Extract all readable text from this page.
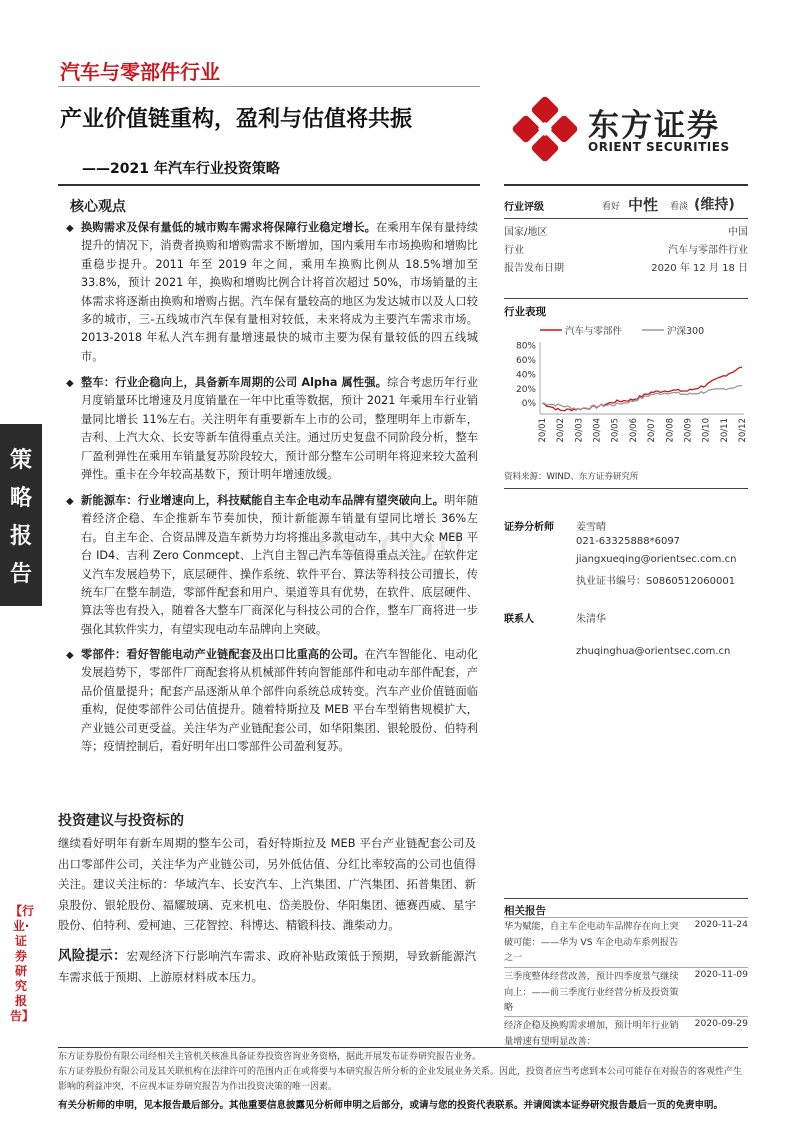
汽车与零部件行业
产业价值链重构，盈利与估值将共振
——2021 年汽车行业投资策略
东方证券
ORIENT SECURITIES
策
略
报
告
【行业·证券研究报告】
58.co
核心观点
◆ 换购需求及保有量低的城市购车需求将保障行业稳定增长。在乘用车保有量持续提升的情况下，消费者换购和增购需求不断增加，国内乘用车市场换购和增购比重稳步提升。2011 年至 2019 年之间，乘用车换购比例从 18.5%增加至 33.8%，预计 2021 年，换购和增购比例合计将首次超过 50%，市场销量的主体需求将逐渐由换购和增购占据。汽车保有量较高的地区为发达城市以及人口较多的城市，三-五线城市汽车保有量相对较低，未来将成为主要汽车需求市场。2013-2018 年私人汽车拥有量增速最快的城市主要为保有量较低的四五线城市。
◆ 整车：行业企稳向上，具备新车周期的公司 Alpha 属性强。综合考虑历年行业月度销量环比增速及月度销量在一年中比重等数据，预计 2021 年乘用车行业销量同比增长 11%左右。关注明年有重要新车上市的公司，整理明年上市新车，吉利、上汽大众、长安等新车值得重点关注。通过历史复盘不同阶段分析，整车厂盈利弹性在乘用车销量复苏阶段较大，预计部分整车公司明年将迎来较大盈利弹性。重卡在今年较高基数下，预计明年增速放缓。
◆ 新能源车：行业增速向上，科技赋能自主车企电动车品牌有望突破向上。明年随着经济企稳、车企推新车节奏加快，预计新能源车销量有望同比增长 36%左右。自主车企、合资品牌及造车新势力均将推出多款电动车，其中大众 MEB 平台 ID4、吉利 Zero Conmcept、上汽自主智己汽车等值得重点关注。在软件定义汽车发展趋势下，底层硬件、操作系统、软件平台、算法等科技公司擅长，传统车厂在整车制造，零部件配套和用户、渠道等具有优势，在软件、底层硬件、算法等也有投入，随着各大整车厂商深化与科技公司的合作，整车厂商将进一步强化其软件实力，有望实现电动车品牌向上突破。
◆ 零部件：看好智能电动产业链配套及出口比重高的公司。在汽车智能化、电动化发展趋势下，零部件厂商配套将从机械部件转向智能部件和电动车部件配套，产品价值量提升；配套产品逐渐从单个部件向系统总成转变。汽车产业价值链面临重构，促使零部件公司估值提升。随着特斯拉及 MEB 平台车型销售规模扩大，产业链公司更受益。关注华为产业链配套公司，如华阳集团、银轮股份、伯特利等；疫情控制后，看好明年出口零部件公司盈利复苏。
投资建议与投资标的
继续看好明年有新车周期的整车公司，看好特斯拉及 MEB 平台产业链配套公司及出口零部件公司，关注华为产业链公司，另外低估值、分红比率较高的公司也值得关注。建议关注标的：华域汽车、长安汽车、上汽集团、广汽集团、拓普集团、新泉股份、银轮股份、福耀玻璃、克来机电、岱美股份、华阳集团、德赛西威、星宇股份、伯特利、爱柯迪、三花智控、科博达、精锻科技、潍柴动力。
风险提示：宏观经济下行影响汽车需求、政府补贴政策低于预期，导致新能源汽车需求低于预期、上游原材料成本压力。
行业评级	看好 中性 看淡 (维持)
国家/地区	中国
行业	汽车与零部件行业
报告发布日期	2020 年 12 月 18 日
行业表现
汽车与零部件	沪深300
80%
60%
40%
20%
0%
20/01 20/02 20/03 20/04 20/05 20/06 20/07 20/08 20/09 20/10 20/11 20/12
资料来源：WIND、东方证券研究所
证券分析师 姜雪晴
021-63325888*6097
jiangxueqing@orientsec.com.cn
执业证书编号：S0860512060001
联系人	朱清华
zhuqinghua@orientsec.com.cn
相关报告
华为赋能，自主车企电动车品牌存在向上突破可能：——华为 VS 车企电动车系列报告之一
2020-11-24
三季度整体经营改善，预计四季度景气继续向上：——前三季度行业经营分析及投资策略
2020-11-09
经济企稳及换购需求增加，预计明年行业销量增速有望明显改善：
2020-09-29
东方证券股份有限公司经相关主管机关核准具备证券投资咨询业务资格，据此开展发布证券研究报告业务。
东方证券股份有限公司及其关联机构在法律许可的范围内正在或将要与本研究报告所分析的企业发展业务关系。因此，投资者应当考虑到本公司可能存在对报告的客观性产生影响的利益冲突，不应视本证券研究报告为作出投资决策的唯一因素。
有关分析师的申明，见本报告最后部分。其他重要信息披露见分析师申明之后部分，或请与您的投资代表联系。并请阅读本证券研究报告最后一页的免责申明。
